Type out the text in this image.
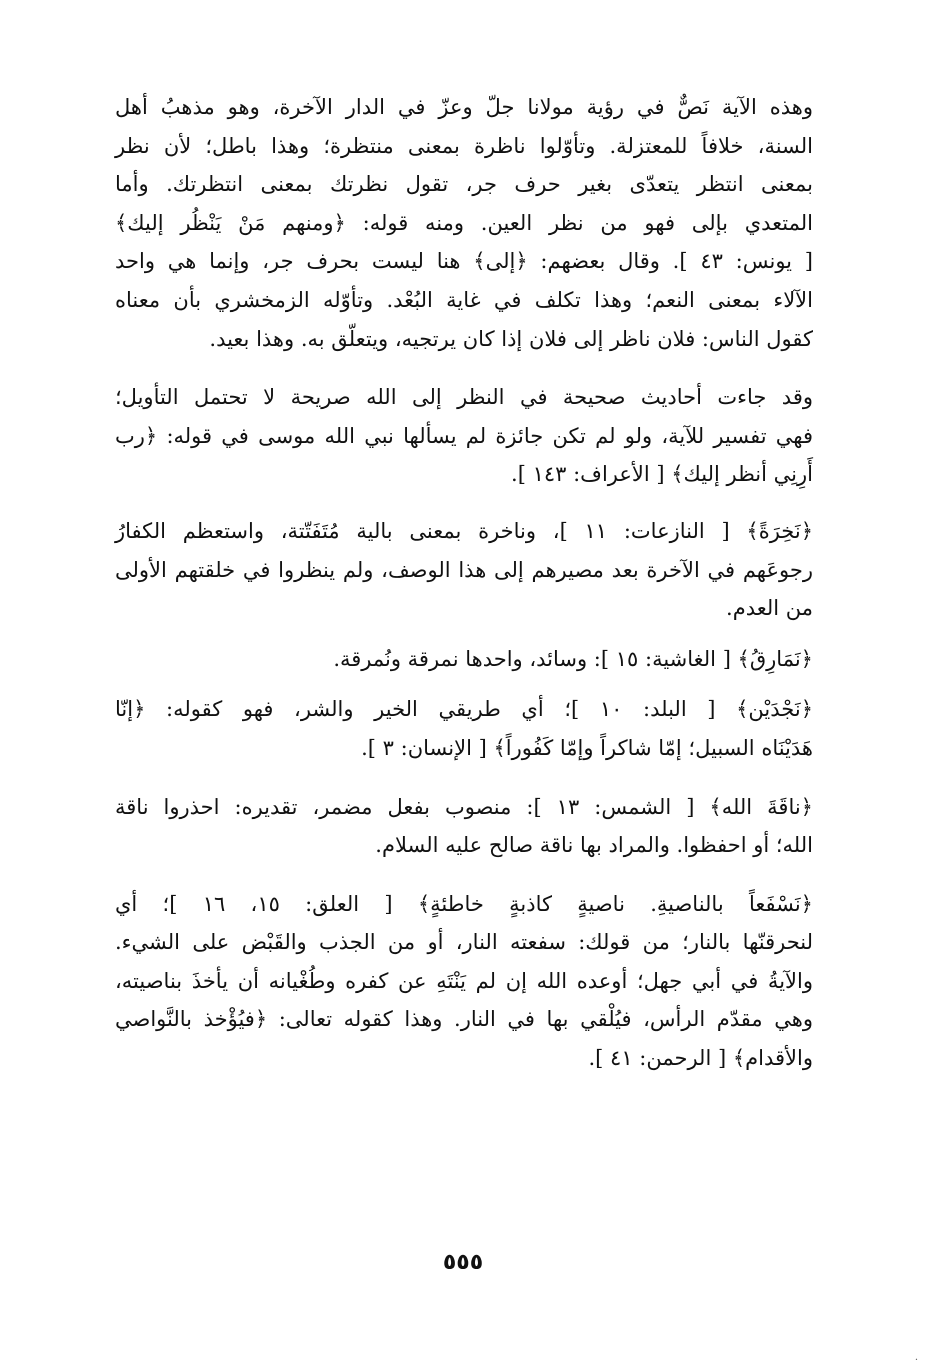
وهذه الآية نَصٌّ في رؤية مولانا جلّ وعزّ في الدار الآخرة، وهو مذهبُ أهل
السنة، خلافاً للمعتزلة. وتأوّلوا ناظرة بمعنى منتظرة؛ وهذا باطل؛ لأن نظر
بمعنى انتظر يتعدّى بغير حرف جر، تقول نظرتك بمعنى انتظرتك. وأما
المتعدي بإلى فهو من نظر العين. ومنه قوله: ﴿ومنهم مَنْ يَنْظُر إليك﴾
[ يونس: ٤٣ ]. وقال بعضهم: ﴿إلى﴾ هنا ليست بحرف جر، وإنما هي واحد
الآلاء بمعنى النعم؛ وهذا تكلف في غاية البُعْد. وتأوّله الزمخشري بأن معناه
كقول الناس: فلان ناظر إلى فلان إذا كان يرتجيه، ويتعلّق به. وهذا بعيد.
وقد جاءت أحاديث صحيحة في النظر إلى الله صريحة لا تحتمل التأويل؛
فهي تفسير للآية، ولو لم تكن جائزة لم يسألها نبي الله موسى في قوله: ﴿رب
أَرِنِي أنظر إليك﴾ [ الأعراف: ١٤٣ ].
﴿نَخِرَةً﴾ [ النازعات: ١١ ]، وناخرة بمعنى بالية مُتَفَتّتة، واستعظم الكفارُ
رجوعَهم في الآخرة بعد مصيرهم إلى هذا الوصف، ولم ينظروا في خلقتهم الأولى
من العدم.
﴿نَمَارِقُ﴾ [ الغاشية: ١٥ ]: وسائد، واحدها نمرقة ونُمرقة.
﴿نَجْدَيْن﴾ [ البلد: ١٠ ]؛ أي طريقي الخير والشر، فهو كقوله: ﴿إنّا
هَدَيْنَاه السبيل؛ إمّا شاكراً وإمّا كَفُوراً﴾ [ الإنسان: ٣ ].
﴿ناقَةَ الله﴾ [ الشمس: ١٣ ]: منصوب بفعل مضمر، تقديره: احذروا ناقة
الله؛ أو احفظوا. والمراد بها ناقة صالح عليه السلام.
﴿نَسْفَعاً بالناصيةِ. ناصيةٍ كاذبةٍ خاطئةٍ﴾ [ العلق: ١٥، ١٦ ]؛ أي
لنحرقنّها بالنار؛ من قولك: سفعته النار، أو من الجذب والقَبْض على الشيء.
والآيةُ في أبي جهل؛ أوعده الله إن لم يَنْتَهِ عن كفره وطُغْيانه أن يأخذَ بناصيته،
وهي مقدّم الرأس، فيُلْقي بها في النار. وهذا كقوله تعالى: ﴿فيُؤْخذ بالنَّواصي
والأقدام﴾ [ الرحمن: ٤١ ].
٥٥٥
.
